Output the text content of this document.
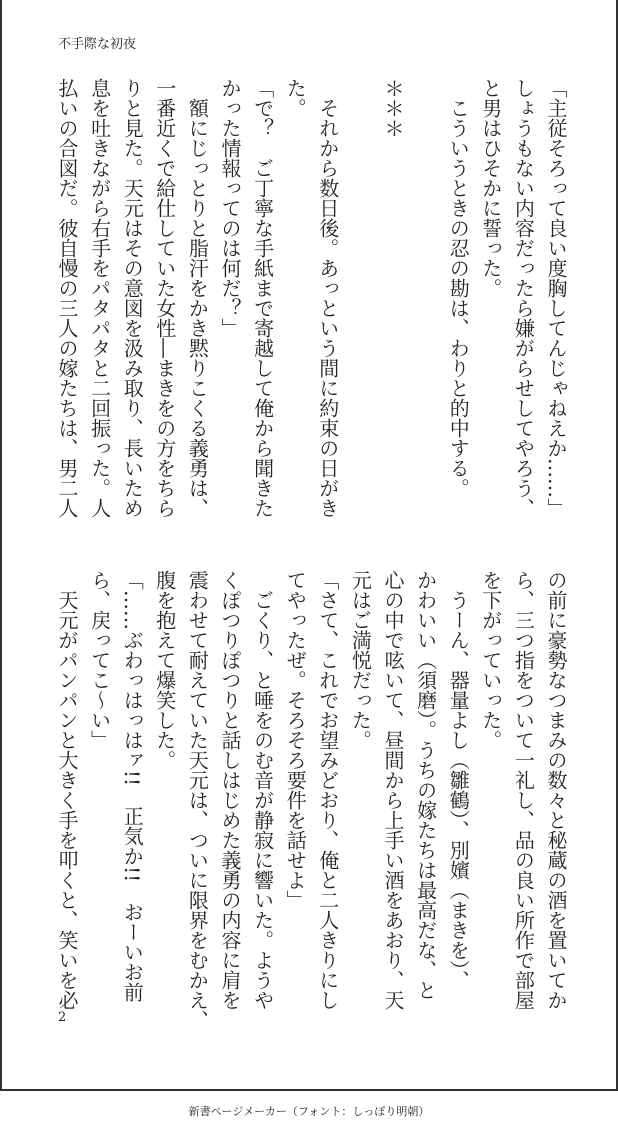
不手際な初夜
「主従そろって良い度胸してんじゃねえか……」
しょうもない内容だったら嫌がらせしてやろう、
と男はひそかに誓った。
　こういうときの忍の勘は、わりと的中する。
＊＊＊
　それから数日後。あっという間に約束の日がき
た。
「で？　ご丁寧な手紙まで寄越して俺から聞きた
かった情報ってのは何だ？」
　額にじっとりと脂汗をかき黙りこくる義勇は、
一番近くで給仕していた女性―まきをの方をちら
りと見た。天元はその意図を汲み取り、長いため
息を吐きながら右手をパタパタと二回振った。人
払いの合図だ。彼自慢の三人の嫁たちは、男二人
の前に豪勢なつまみの数々と秘蔵の酒を置いてか
ら、三つ指をついて一礼し、品の良い所作で部屋
を下がっていった。
　うーん、器量よし（雛鶴）、別嬪（まきを）、
かわいい（須磨）。うちの嫁たちは最高だな、と
心の中で呟いて、昼間から上手い酒をあおり、天
元はご満悦だった。
「さて、これでお望みどおり、俺と二人きりにし
てやったぜ。そろそろ要件を話せよ」
　ごくり、と唾をのむ音が静寂に響いた。ようや
くぽつりぽつりと話しはじめた義勇の内容に肩を
震わせて耐えていた天元は、ついに限界をむかえ、
腹を抱えて爆笑した。
「……ぶわっはっはァ!!　正気か!!　おーいお前
ら、戻ってこ〜い」
　天元がパンパンと大きく手を叩くと、笑いを必
2
新書ページメーカー（フォント：しっぽり明朝）
